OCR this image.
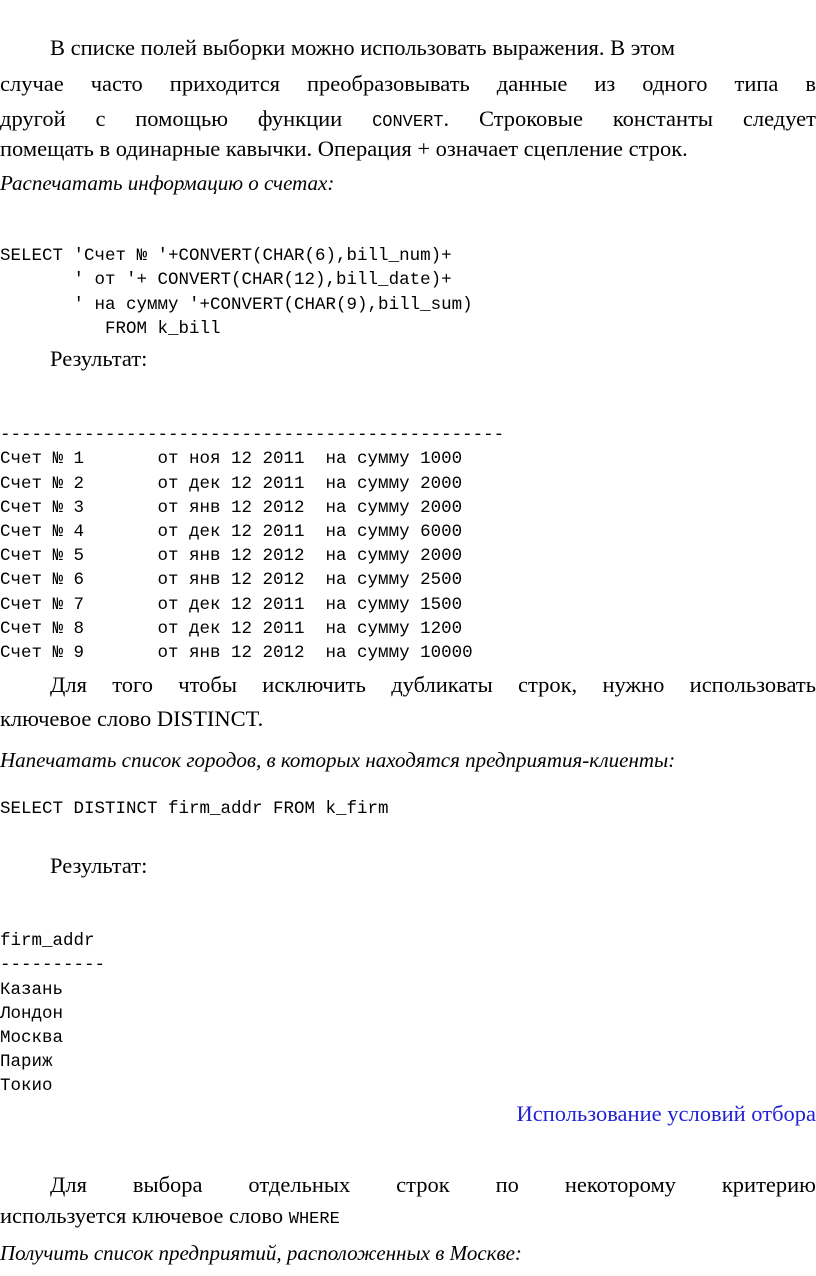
В списке полей выборки можно использовать выражения. В этом
случае часто приходится преобразовывать данные из одного типа в
другой с помощью функции CONVERT. Строковые константы следует
помещать в одинарные кавычки. Операция + означает сцепление строк.
Распечатать информацию о счетах:

SELECT 'Счет № '+CONVERT(CHAR(6),bill_num)+
' от '+ CONVERT(CHAR(12),bill_date)+
' на сумму '+CONVERT(CHAR(9),bill_sum)
FROM k_bill
Результат:

------------------------------------------------
Счет № 1       от ноя 12 2011  на сумму 1000
Счет № 2       от дек 12 2011  на сумму 2000
Счет № 3       от янв 12 2012  на сумму 2000
Счет № 4       от дек 12 2011  на сумму 6000
Счет № 5       от янв 12 2012  на сумму 2000
Счет № 6       от янв 12 2012  на сумму 2500
Счет № 7       от дек 12 2011  на сумму 1500
Счет № 8       от дек 12 2011  на сумму 1200
Счет № 9       от янв 12 2012  на сумму 10000
Для того чтобы исключить дубликаты строк, нужно использовать
ключевое слово DISTINCT.
Напечатать список городов, в которых находятся предприятия-клиенты:
SELECT DISTINCT firm_addr FROM k_firm
Результат:

firm_addr
----------
Казань
Лондон
Москва
Париж
Токио
Использование условий отбора
Для выбора отдельных строк по некоторому критерию
используется ключевое слово WHERE
Получить список предприятий, расположенных в Москве:
